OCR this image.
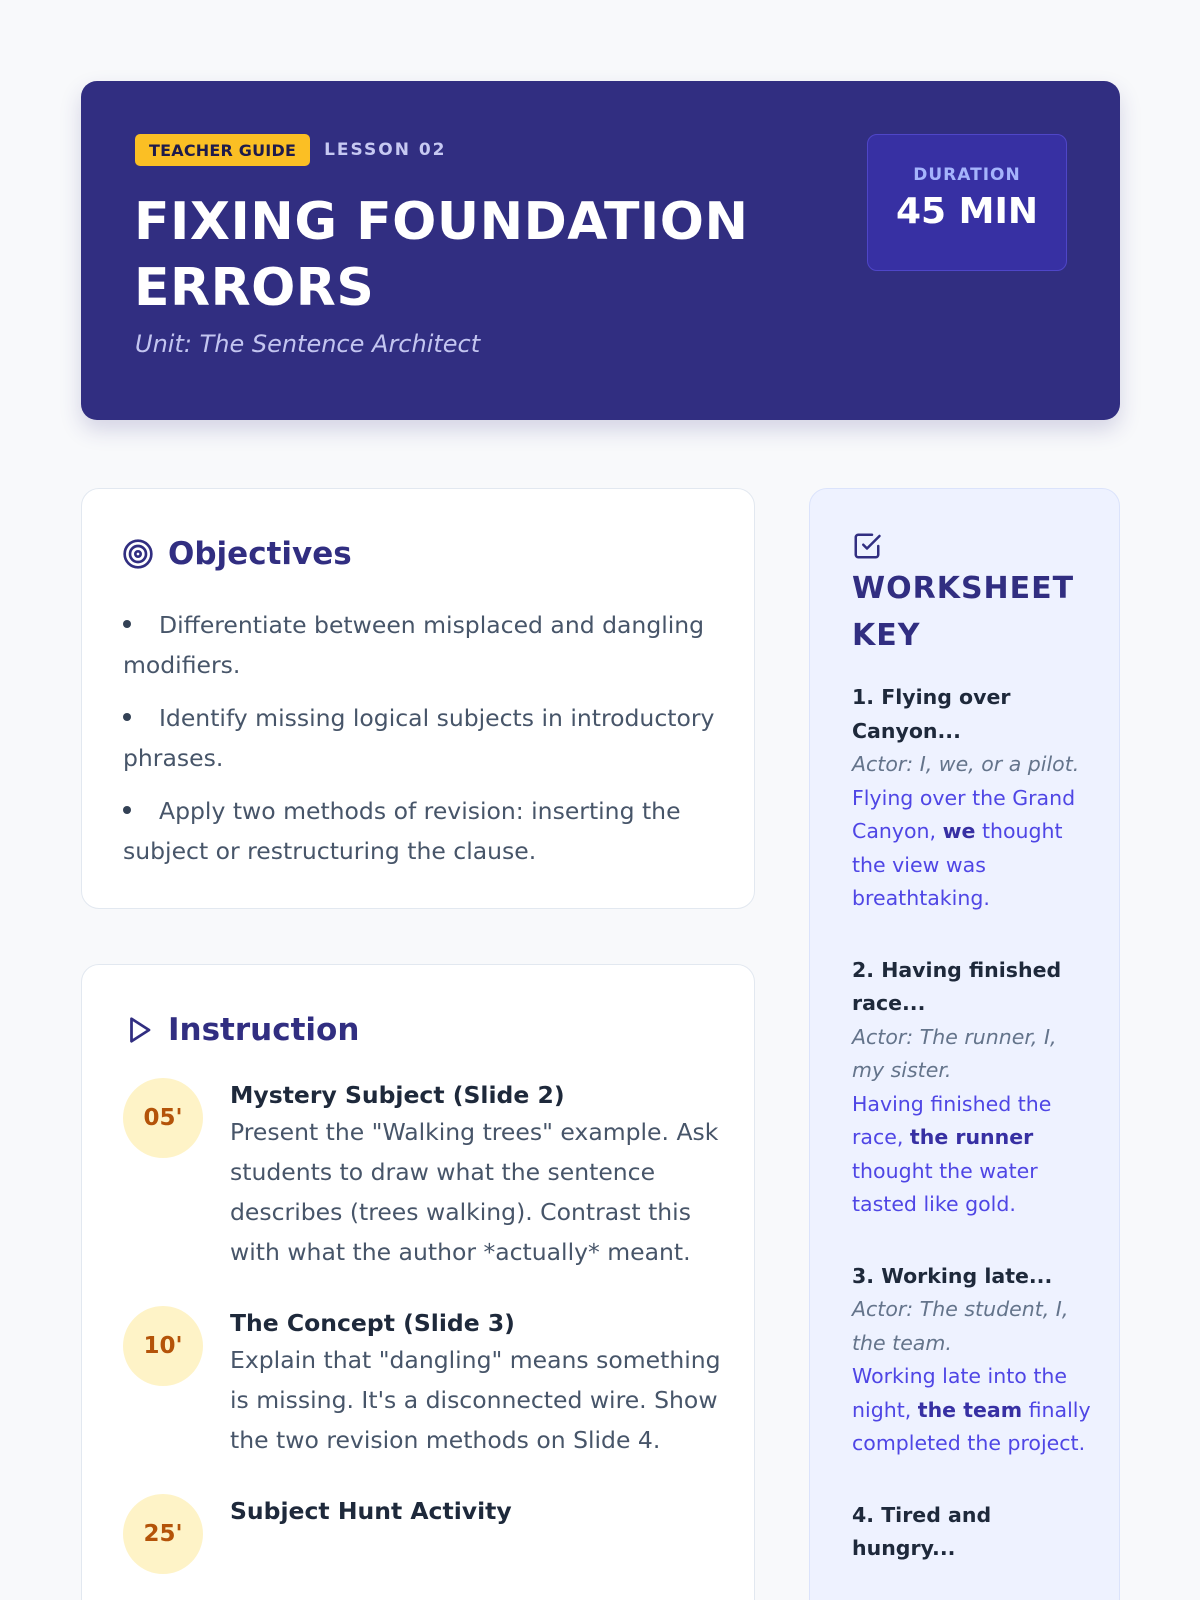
TEACHER GUIDE	LESSON 02
FIXING FOUNDATION ERRORS
Unit: The Sentence Architect
DURATION
45 MIN
Objectives
Differentiate between misplaced and dangling modifiers.
Identify missing logical subjects in introductory phrases.
Apply two methods of revision: inserting the subject or restructuring the clause.
Instruction
05'
Mystery Subject (Slide 2)
Present the "Walking trees" example. Ask students to draw what the sentence describes (trees walking). Contrast this with what the author *actually* meant.
10'
The Concept (Slide 3)
Explain that "dangling" means something is missing. It's a disconnected wire. Show the two revision methods on Slide 4.
25'
Subject Hunt Activity
WORKSHEET KEY
1. Flying over Canyon...
Actor: I, we, or a pilot.
Flying over the Grand Canyon, we thought the view was breathtaking.
2. Having finished race...
Actor: The runner, I, my sister.
Having finished the race, the runner thought the water tasted like gold.
3. Working late...
Actor: The student, I, the team.
Working late into the night, the team finally completed the project.
4. Tired and hungry...
